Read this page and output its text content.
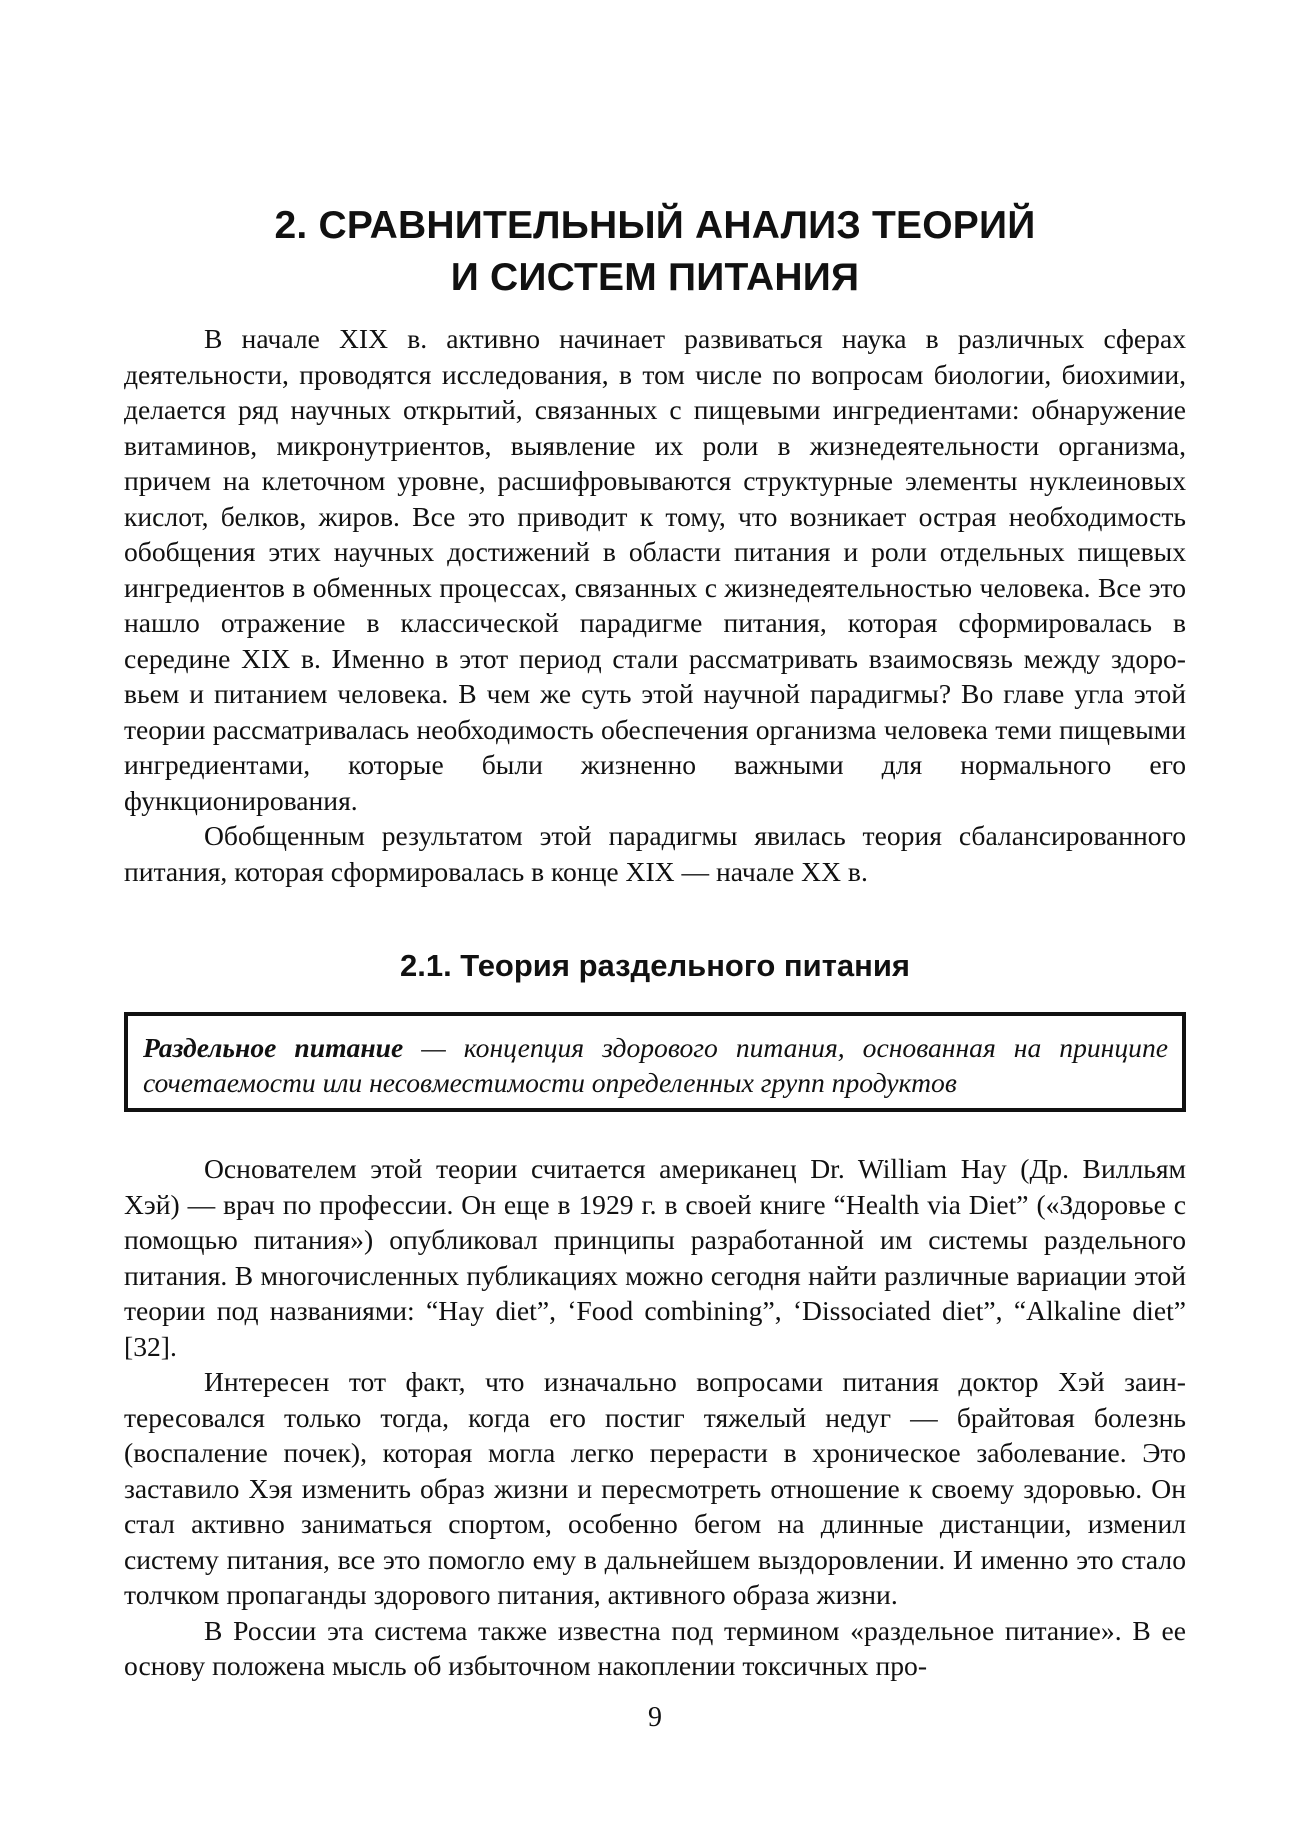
2. СРАВНИТЕЛЬНЫЙ АНАЛИЗ ТЕОРИЙ
И СИСТЕМ ПИТАНИЯ

В начале XIX в. активно начинает развиваться наука в различных сферах деятельности, проводятся исследования, в том числе по вопросам биологии, биохимии, делается ряд научных открытий, связанных с пищевыми ингредиентами: обнаружение витаминов, микронутриентов, выявление их роли в жизнедеятельности организма, причем на клеточном уровне, расшифровываются структурные элементы нуклеиновых кислот, белков, жиров. Все это приводит к тому, что возникает острая необходимость обобщения этих научных достижений в области питания и роли отдельных пищевых ингредиентов в обменных процессах, связанных с жизнедеятельностью человека. Все это нашло отражение в классической парадигме питания, которая сформировалась в середине XIX в. Именно в этот период стали рассматривать взаимосвязь между здоровьем и питанием человека. В чем же суть этой научной парадигмы? Во главе угла этой теории рассматривалась необходимость обеспечения организма человека теми пищевыми ингредиентами, которые были жизненно важными для нормального его функционирования.

Обобщенным результатом этой парадигмы явилась теория сбалансированного питания, которая сформировалась в конце XIX — начале XX в.

2.1. Теория раздельного питания

Раздельное питание — концепция здорового питания, основанная на принципе сочетаемости или несовместимости определенных групп продуктов

Основателем этой теории считается американец Dr. William Hay (Др. Вилльям Хэй) — врач по профессии. Он еще в 1929 г. в своей книге “Health via Diet” («Здоровье с помощью питания») опубликовал принципы разработанной им системы раздельного питания. В многочисленных публикациях можно сегодня найти различные вариации этой теории под названиями: “Hay diet”, ‘Food combining”, ‘Dissociated diet”, “Alkaline diet” [32].

Интересен тот факт, что изначально вопросами питания доктор Хэй заинтересовался только тогда, когда его постиг тяжелый недуг — брайтовая болезнь (воспаление почек), которая могла легко перерасти в хроническое заболевание. Это заставило Хэя изменить образ жизни и пересмотреть отношение к своему здоровью. Он стал активно заниматься спортом, особенно бегом на длинные дистанции, изменил систему питания, все это помогло ему в дальнейшем выздоровлении. И именно это стало толчком пропаганды здорового питания, активного образа жизни.

В России эта система также известна под термином «раздельное питание». В ее основу положена мысль об избыточном накоплении токсичных про-

9
